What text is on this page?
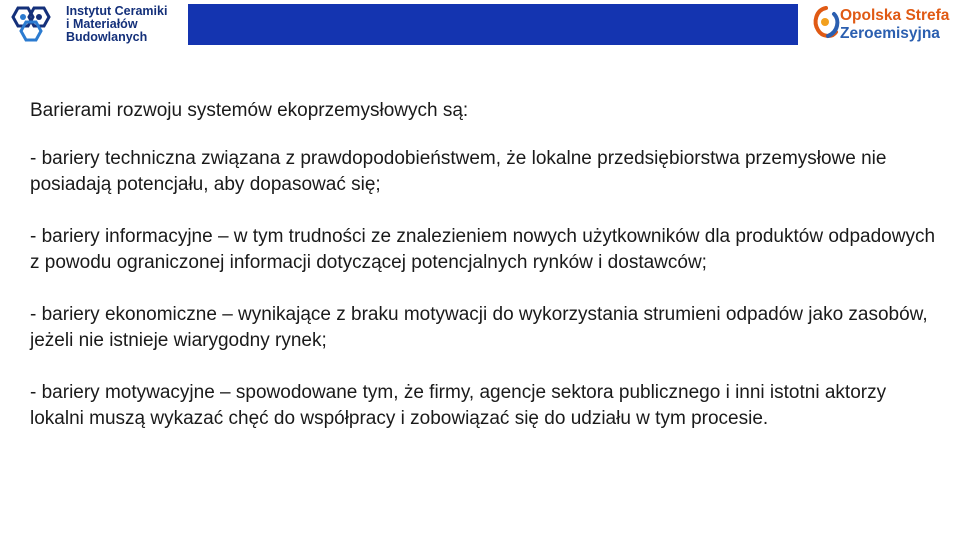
Instytut Ceramiki
i Materiałów
Budowlanych
Opolska Strefa
Zeroemisyjna

Barierami rozwoju systemów ekoprzemysłowych są:

- bariery techniczna związana z prawdopodobieństwem, że lokalne przedsiębiorstwa przemysłowe nie posiadają potencjału, aby dopasować się;

- bariery informacyjne – w tym trudności ze znalezieniem nowych użytkowników dla produktów odpadowych z powodu ograniczonej informacji dotyczącej potencjalnych rynków i dostawców;

- bariery ekonomiczne – wynikające z braku motywacji do wykorzystania strumieni odpadów jako zasobów, jeżeli nie istnieje wiarygodny rynek;

- bariery motywacyjne – spowodowane tym, że firmy, agencje sektora publicznego i inni istotni aktorzy lokalni muszą wykazać chęć do współpracy i zobowiązać się do udziału w tym procesie.
